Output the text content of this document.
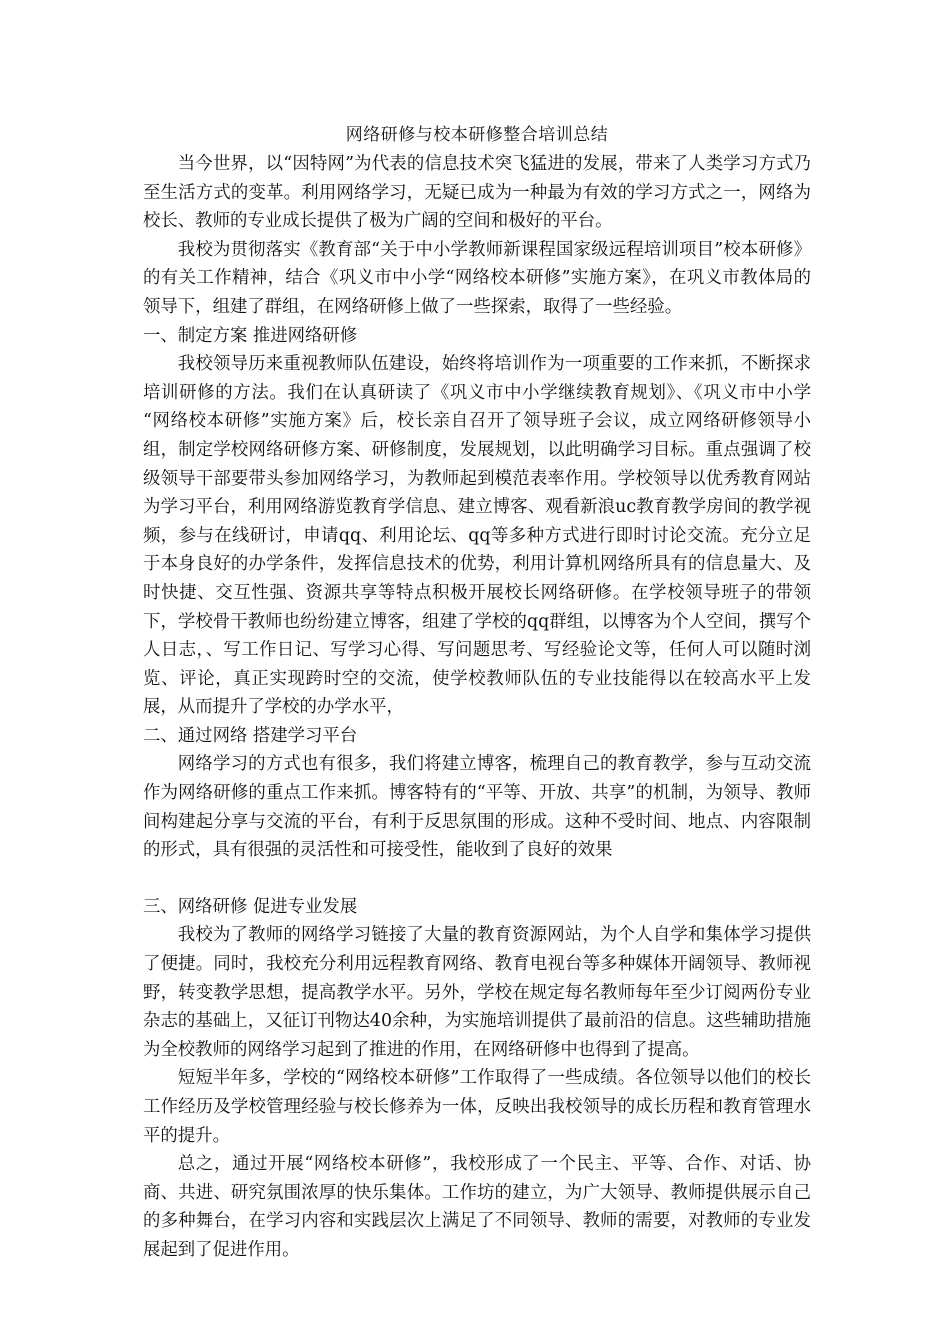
网络研修与校本研修整合培训总结

当今世界，以“因特网”为代表的信息技术突飞猛进的发展，带来了人类学习方式乃至生活方式的变革。利用网络学习，无疑已成为一种最为有效的学习方式之一，网络为校长、教师的专业成长提供了极为广阔的空间和极好的平台。

我校为贯彻落实《教育部“关于中小学教师新课程国家级远程培训项目”校本研修》的有关工作精神，结合《巩义市中小学“网络校本研修”实施方案》，在巩义市教体局的领导下，组建了群组，在网络研修上做了一些探索，取得了一些经验。

一、制定方案 推进网络研修

我校领导历来重视教师队伍建设，始终将培训作为一项重要的工作来抓，不断探求培训研修的方法。我们在认真研读了《巩义市中小学继续教育规划》、《巩义市中小学 “网络校本研修”实施方案》后，校长亲自召开了领导班子会议，成立网络研修领导小组，制定学校网络研修方案、研修制度，发展规划，以此明确学习目标。重点强调了校级领导干部要带头参加网络学习，为教师起到模范表率作用。学校领导以优秀教育网站为学习平台，利用网络游览教育学信息、建立博客、观看新浪uc教育教学房间的教学视频，参与在线研讨，申请qq、利用论坛、qq等多种方式进行即时讨论交流。充分立足于本身良好的办学条件，发挥信息技术的优势，利用计算机网络所具有的信息量大、及时快捷、交互性强、资源共享等特点积极开展校长网络研修。在学校领导班子的带领下，学校骨干教师也纷纷建立博客，组建了学校的qq群组，以博客为个人空间，撰写个人日志，、写工作日记、写学习心得、写问题思考、写经验论文等，任何人可以随时浏览、评论，真正实现跨时空的交流，使学校教师队伍的专业技能得以在较高水平上发展，从而提升了学校的办学水平，

二、通过网络 搭建学习平台

网络学习的方式也有很多，我们将建立博客，梳理自己的教育教学，参与互动交流作为网络研修的重点工作来抓。博客特有的“平等、开放、共享”的机制，为领导、教师间构建起分享与交流的平台，有利于反思氛围的形成。这种不受时间、地点、内容限制的形式，具有很强的灵活性和可接受性，能收到了良好的效果

三、网络研修 促进专业发展

我校为了教师的网络学习链接了大量的教育资源网站，为个人自学和集体学习提供了便捷。同时，我校充分利用远程教育网络、教育电视台等多种媒体开阔领导、教师视野，转变教学思想，提高教学水平。另外，学校在规定每名教师每年至少订阅两份专业杂志的基础上，又征订刊物达40余种，为实施培训提供了最前沿的信息。这些辅助措施为全校教师的网络学习起到了推进的作用，在网络研修中也得到了提高。

短短半年多，学校的“网络校本研修”工作取得了一些成绩。各位领导以他们的校长工作经历及学校管理经验与校长修养为一体，反映出我校领导的成长历程和教育管理水平的提升。

总之，通过开展“网络校本研修”，我校形成了一个民主、平等、合作、对话、协商、共进、研究氛围浓厚的快乐集体。工作坊的建立，为广大领导、教师提供展示自己的多种舞台，在学习内容和实践层次上满足了不同领导、教师的需要，对教师的专业发展起到了促进作用。
